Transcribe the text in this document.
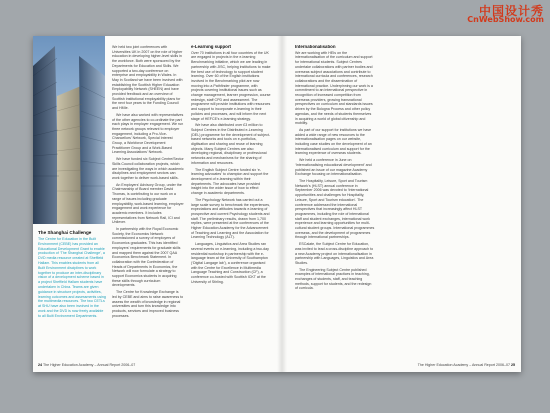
中国设计秀
CnWebShow.com
The Shanghai Challenge

The Centre for Education in the Built Environment (CEBE) has provided an Educational Development Grant to enable production of ‘The Shanghai Challenge’, a DVD media resource created at Sheffield Hallam. This enables students from all Built Environment disciplines to work together to produce an inter-disciplinary vision of a development scheme based in a project Sheffield Hallam students have undertaken in China. Teams are given guidance in structure projects, activities, learning outcomes and assessments using the multimedia resources. The two CETLs at SHU have also been involved in the work and the DVD is now freely available to all Built Environment Departments.

We held two joint conferences with Universities UK in 2007 on the role of higher education in developing higher-level skills in the workforce. Both were sponsored by the Departments for Education and Skills. We supported a two-day conference on enterprise and employability in Wales. In May in Scotland we have been involved with establishing the Scottish Higher Education Employability Network (SHEEN) and have provided feedback and an overview of Scottish institutional employability plans for the next four years to the Funding Council and HMIe.

We have also worked with representatives of the other agencies to co-ordinate the part each plays in employer engagement. We run three network groups relevant to employer engagement, including a Pro-Vice-Chancellors' Network, Special Interest Group, a Workforce Development Practitioner Group and a Work-Based Learning Associations' Network.

We have funded six Subject Centre/Sector Skills Council collaboration projects, which are investigating the ways in which academic disciplines and employment sectors can work together to deliver work-based skills.

An Employers' Advisory Group, under the Chairmanship of Board member David Thomas, is contributing to our work on a range of issues including graduate employability, work-based learning, employer engagement and work experience for academic members. It includes representatives from Network Rail, ICI and Unilever.

In partnership with the Royal Economic Society, the Economics Network commissioned a survey of employers of Economics graduates. This has identified employers' requirements for graduate skills and mapped them against the 2007 QAA Economics Benchmark Statement. In collaboration with the Confederation of Heads of Departments in Economics, the Network will now formulate a strategy to support Economics students in acquiring these skills through curriculum developments.

The Centre for Knowledge Exchange is led by CEBE and aims to raise awareness to assess the wealth of knowledge in regional universities and turn this knowledge into products, services and improved business processes.

e-Learning support

Over 70 institutions in all four countries of the UK are engaged in projects in the e-learning Benchmarking initiative, which we are leading in partnership with JISC, helping institutions to make the best use of technology to support student learning. Over 60 of the English institutions involved in the Benchmarking pilot are now moving into a Pathfinder programme, with projects covering institutional issues such as change management, learner progression, course redesign, staff CPD and assessment. The programme will provide institutions with resources and support to incorporate e-learning in their policies and processes, and will inform the next stage of HEFCE's e-learning strategy.

We have also distributed over £3 million to Subject Centres in the Distributed e-Learning (DEL) programme for the development of subject-based networks and tools on e-portfolios, digitisation and sharing and reuse of learning objects. Many Subject Centres are also developing regional, disciplinary or professional networks and mechanisms for the sharing of information and resources.

The English Subject Centre funded six ‘e-learning advocates’ to champion and support the development of e-learning within their departments. The advocates have provided insight into the wider issue of how to effect change in academic departments.

The Psychology Network has carried out a large scale survey to benchmark the experiences, expectations and attitudes towards e-learning of prospective and current Psychology students and staff. The preliminary results, drawn from 1,700 replies, were presented at the conferences of the Higher Education Academy for the Advancement of Teaching and Learning and the Association for Learning Technology (ALT).

Languages, Linguistics and Area Studies ran several events on e-learning, including a two-day residential workshop in partnership with the e-language team at the University of Southampton (‘Digital Langage lab’), a conference organised with the Centre for Excellence in Multimedia Language Teaching and Construction (CF), a conference co-hosted with Scottish ICKT at the University of Stirling.

Internationalisation

We are working with HEIs on the internationalisation of the curriculum and support for international students. Subject Centres undertake collaborations with partner bodies and overseas subject associations and contribute to international curricula and conferences, research collaborations and the dissemination of international practice. Underpinning our work is a commitment to an international perspective in recognition of increased competition from overseas providers, growing transnational perspectives on curriculum and standards issues driven by the Bologna Process and other policy agendas, and the needs of students themselves in acquiring a world of global citizenship and mobility.

As part of our support for institutions we have added a wide range of new resources to the internationalisation pages on our website, including case studies on the development of an internationalised curriculum and support for the learning experience of overseas students.

We held a conference in June on ‘Internationalising educational development’ and published an issue of our magazine Academy Exchange focusing on internationalisation.

The Hospitality, Leisure, Sport and Tourism Network’s (HLST) annual conference in September 2006 was devoted to ‘International opportunities and challenges for Hospitality, Leisure, Sport and Tourism education’. The conference addressed the international perspectives that increasingly affect HLST programmes, including the role of international staff and student exchanges, international work experience and learning opportunities for multi-cultural student groups. International programmes overseas, and the development of programmes through international partnerships.

ESCalate, the Subject Centre for Education, was invited to lead a cross-discipline approach to a new Academy project on internationalisation in partnership with Languages, Linguistics and Area Studies.

The Engineering Subject Centre published examples of international practices in teaching, exchanges of students, staff, and teaching methods, support for students, and the redesign of curricula.

24 The Higher Education Academy – Annual Report 2006–07	The Higher Education Academy – Annual Report 2006–07 25
